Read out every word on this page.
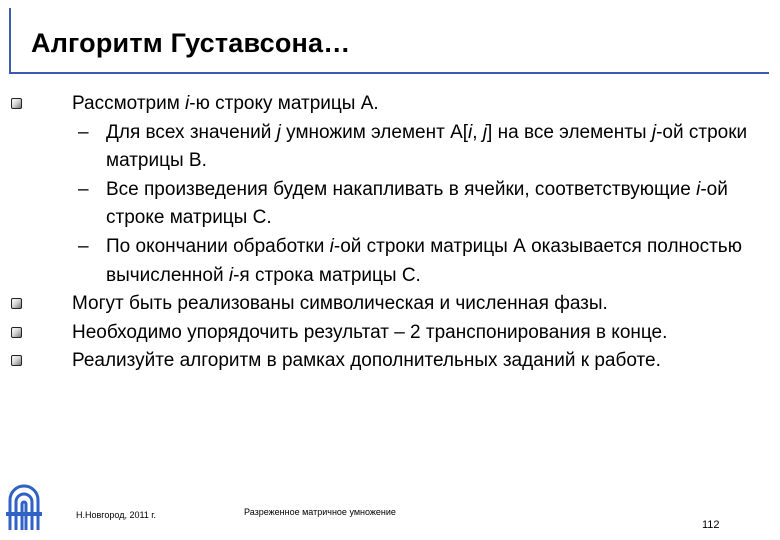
Алгоритм Густавсона…
Рассмотрим i-ю строку матрицы А.
– Для всех значений j умножим элемент A[i, j] на все элементы j-ой строки матрицы B.
– Все произведения будем накапливать в ячейки, соответствующие i-ой строке матрицы C.
– По окончании обработки i-ой строки матрицы А оказывается полностью вычисленной i-я строка матрицы С.
Могут быть реализованы символическая и численная фазы.
Необходимо упорядочить результат – 2 транспонирования в конце.
Реализуйте алгоритм в рамках дополнительных заданий к работе.
Н.Новгород, 2011 г.	Разреженное матричное умножение
112
